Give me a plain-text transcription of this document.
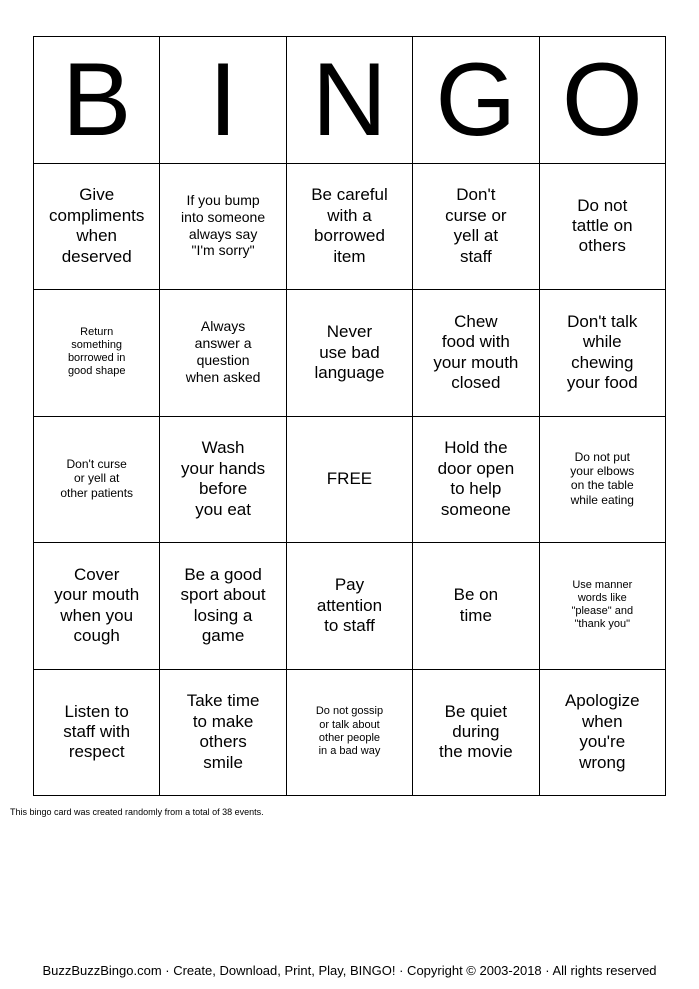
B	I	N	G	O
Give
compliments
when
deserved	If you bump
into someone
always say
"I'm sorry"	Be careful
with a
borrowed
item	Don't
curse or
yell at
staff	Do not
tattle on
others
Return
something
borrowed in
good shape	Always
answer a
question
when asked	Never
use bad
language	Chew
food with
your mouth
closed	Don't talk
while
chewing
your food
Don't curse
or yell at
other patients	Wash
your hands
before
you eat	FREE	Hold the
door open
to help
someone	Do not put
your elbows
on the table
while eating
Cover
your mouth
when you
cough	Be a good
sport about
losing a
game	Pay
attention
to staff	Be on
time	Use manner
words like
"please" and
"thank you"
Listen to
staff with
respect	Take time
to make
others
smile	Do not gossip
or talk about
other people
in a bad way	Be quiet
during
the movie	Apologize
when
you're
wrong
This bingo card was created randomly from a total of 38 events.
BuzzBuzzBingo.com · Create, Download, Print, Play, BINGO! · Copyright © 2003-2018 · All rights reserved
